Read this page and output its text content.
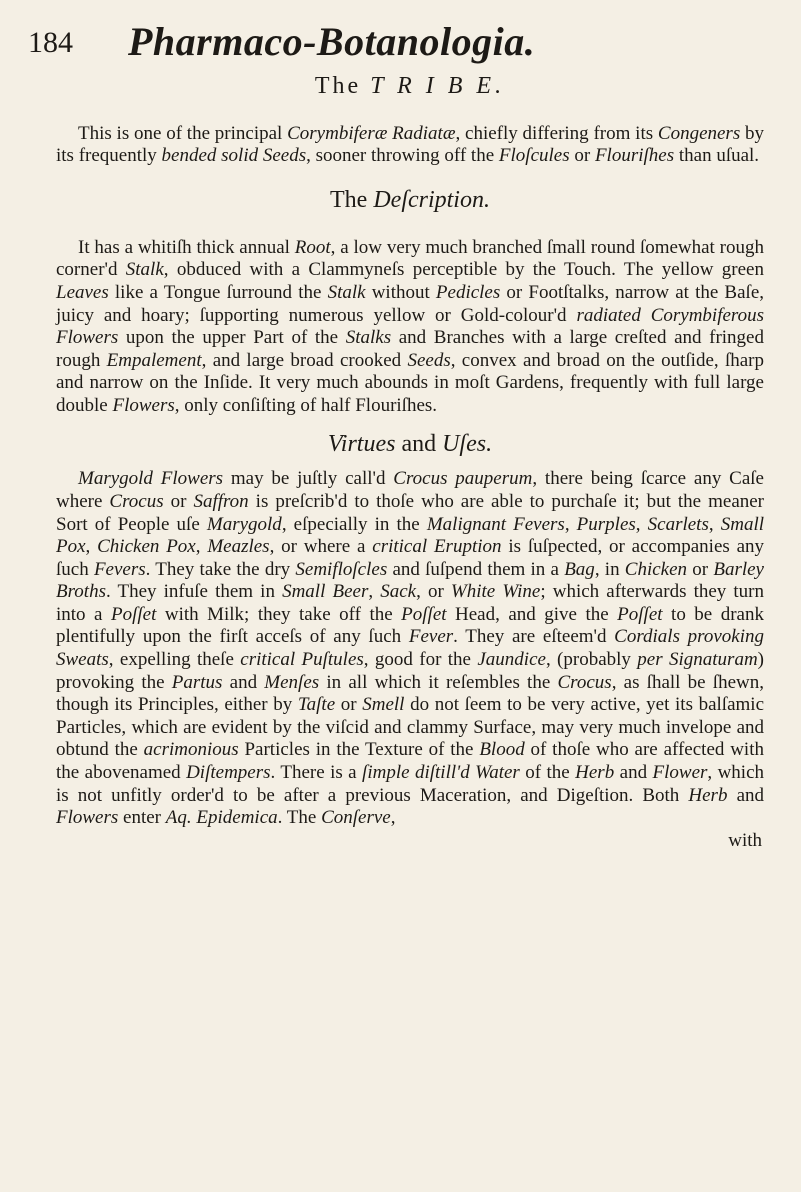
184 Pharmaco-Botanologia.

The T R I B E.

This is one of the principal Corymbiferæ Radiatæ, chiefly differing from its Congeners by its frequently bended solid Seeds, sooner throwing off the Floſcules or Flouriſhes than uſual.

The Deſcription.

It has a whitiſh thick annual Root, a low very much branched ſmall round ſomewhat rough corner'd Stalk, obduced with a Clammyneſs perceptible by the Touch. The yellow green Leaves like a Tongue ſurround the Stalk without Pedicles or Footſtalks, narrow at the Baſe, juicy and hoary; ſupporting numerous yellow or Gold-colour'd radiated Corymbiferous Flowers upon the upper Part of the Stalks and Branches with a large creſted and fringed rough Empalement, and large broad crooked Seeds, convex and broad on the outſide, ſharp and narrow on the Inſide. It very much abounds in moſt Gardens, frequently with full large double Flowers, only conſiſting of half Flouriſhes.

Virtues and Uſes.

Marygold Flowers may be juſtly call'd Crocus pauperum, there being ſcarce any Caſe where Crocus or Saffron is preſcrib'd to thoſe who are able to purchaſe it; but the meaner Sort of People uſe Marygold, eſpecially in the Malignant Fevers, Purples, Scarlets, Small Pox, Chicken Pox, Meazles, or where a critical Eruption is ſuſpected, or accompanies any ſuch Fevers. They take the dry Semifloſcles and ſuſpend them in a Bag, in Chicken or Barley Broths. They infuſe them in Small Beer, Sack, or White Wine; which afterwards they turn into a Poſſet with Milk; they take off the Poſſet Head, and give the Poſſet to be drank plentifully upon the firſt acceſs of any ſuch Fever. They are eſteem'd Cordials provoking Sweats, expelling theſe critical Puſtules, good for the Jaundice, (probably per Signaturam) provoking the Partus and Menſes in all which it reſembles the Crocus, as ſhall be ſhewn, though its Principles, either by Taſte or Smell do not ſeem to be very active, yet its balſamic Particles, which are evident by the viſcid and clammy Surface, may very much invelope and obtund the acrimonious Particles in the Texture of the Blood of thoſe who are affected with the abovenamed Diſtempers. There is a ſimple diſtill'd Water of the Herb and Flower, which is not unfitly order'd to be after a previous Maceration, and Digeſtion. Both Herb and Flowers enter Aq. Epidemica. The Conſerve,

with
